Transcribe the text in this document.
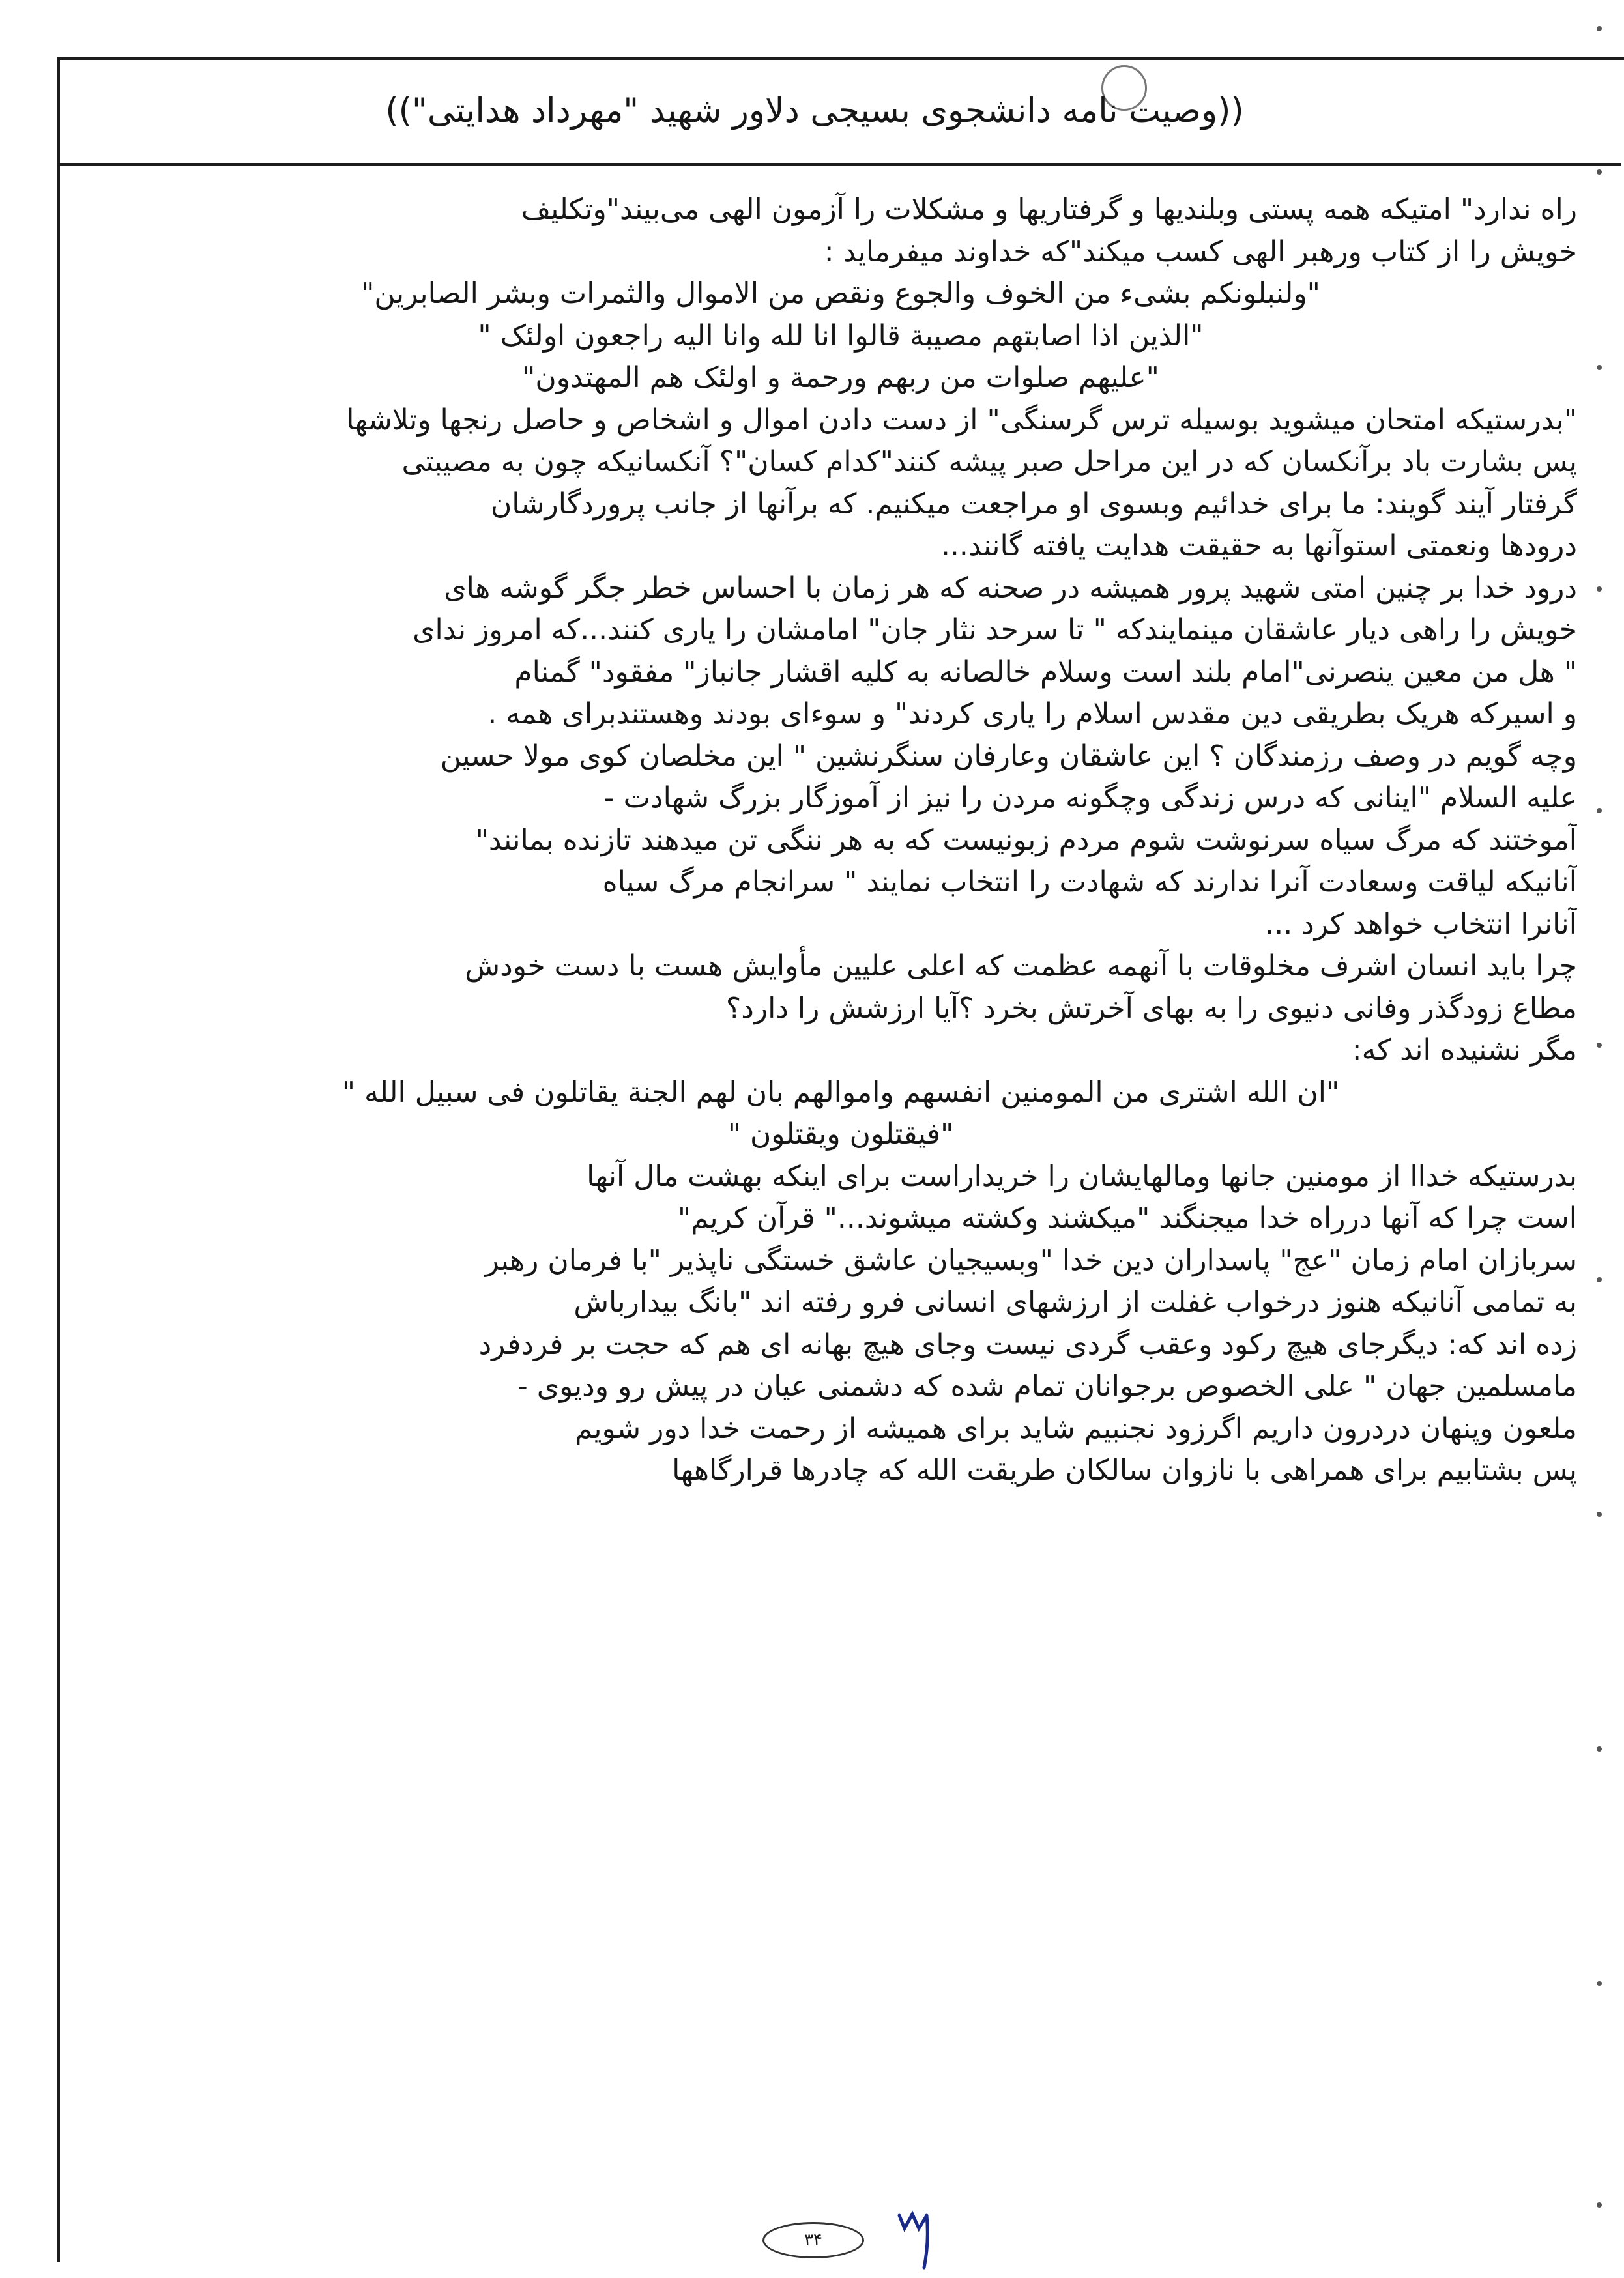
((وصیت نامه دانشجوی بسیجی دلاور شهید "مهرداد هدایتی"))
راه ندارد" امتیکه همه پستی وبلندیها و گرفتاریها و مشکلات را آزمون الهی می‌بیند"وتکلیف
خویش را از کتاب ورهبر الهی کسب میکند"که خداوند میفرماید :
"ولنبلونکم بشیء من الخوف والجوع ونقص من الاموال والثمرات وبشر الصابرین"
"الذین اذا اصابتهم مصیبة قالوا انا لله وانا الیه راجعون اولئک "
"علیهم صلوات من ربهم ورحمة و اولئک هم المهتدون"
"بدرستیکه امتحان میشوید بوسیله ترس گرسنگی" از دست دادن اموال و اشخاص و حاصل رنجها وتلاشها
پس بشارت باد برآنکسان که در این مراحل صبر پیشه کنند"کدام کسان"؟ آنکسانیکه چون به مصیبتی
گرفتار آیند گویند: ما برای خدائیم وبسوی او مراجعت میکنیم. که برآنها از جانب پروردگارشان
درودها ونعمتی استوآنها به حقیقت هدایت یافته گانند...
درود خدا بر چنین امتی شهید پرور همیشه در صحنه که هر زمان با احساس خطر جگر گوشه های
خویش را راهی دیار عاشقان مینمایندکه " تا سرحد نثار جان" امامشان را یاری کنند...که امروز ندای
" هل من معین ینصرنی"امام بلند است وسلام خالصانه به کلیه اقشار جانباز" مفقود" گمنام
و اسیرکه هریک بطریقی دین مقدس اسلام را یاری کردند" و سوءای بودند وهستندبرای همه .
وچه گویم در وصف رزمندگان ؟ این عاشقان وعارفان سنگرنشین " این مخلصان کوی مولا حسین
علیه السلام "اینانی که درس زندگی وچگونه مردن را نیز از آموزگار بزرگ شهادت -
آموختند که مرگ سیاه سرنوشت شوم مردم زبونیست که به هر ننگی تن میدهند تازنده بمانند"
آنانیکه لیاقت وسعادت آنرا ندارند که شهادت را انتخاب نمایند " سرانجام مرگ سیاه
آنانرا انتخاب خواهد کرد ...
چرا باید انسان اشرف مخلوقات با آنهمه عظمت که اعلی علیین مأوایش هست با دست خودش
مطاع زودگذر وفانی دنیوی را به بهای آخرتش بخرد ؟آیا ارزشش را دارد؟
مگر نشنیده اند که:
"ان الله اشتری من المومنین انفسهم واموالهم بان لهم الجنة یقاتلون فی سبیل الله "
"فیقتلون ویقتلون "
بدرستیکه خداا از مومنین جانها ومالهایشان را خریداراست برای اینکه بهشت مال آنها
است چرا که آنها درراه خدا میجنگند "میکشند وکشته میشوند..." قرآن کریم"
سربازان امام زمان "عج" پاسداران دین خدا "وبسیجیان عاشق خستگی ناپذیر "با فرمان رهبر
به تمامی آنانیکه هنوز درخواب غفلت از ارزشهای انسانی فرو رفته اند "بانگ بیدارباش
زده اند که: دیگرجای هیچ رکود وعقب گردی نیست وجای هیچ بهانه ای هم که حجت بر فردفرد
مامسلمین جهان " علی الخصوص برجوانان تمام شده که دشمنی عیان در پیش رو ودیوی -
ملعون وپنهان دردرون داریم اگرزود نجنبیم شاید برای همیشه از رحمت خدا دور شویم
پس بشتابیم برای همراهی با نازوان سالکان طریقت الله که چادرها قرارگاهها
۳۴
